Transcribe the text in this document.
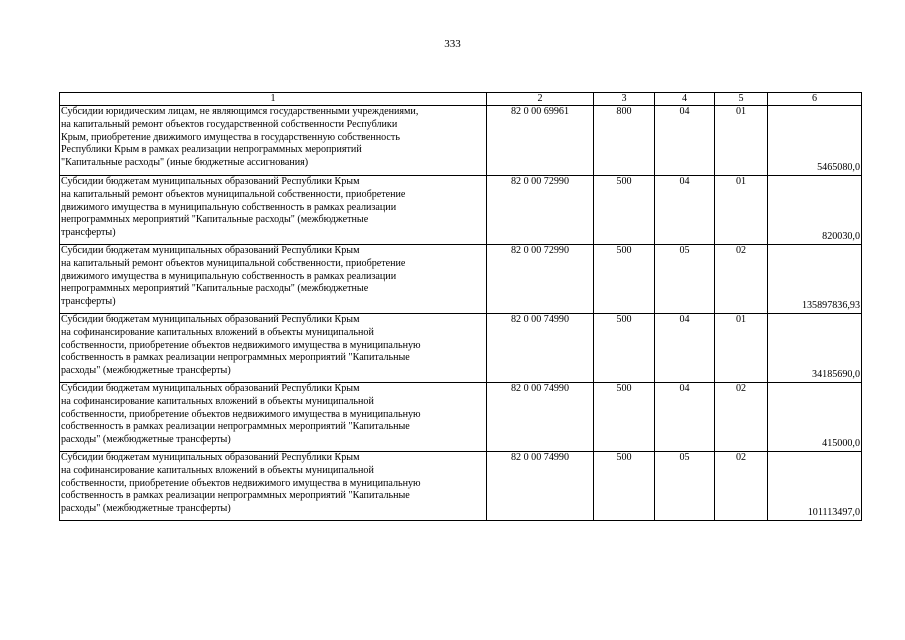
333
1	2	3	4	5	6

Субсидии юридическим лицам, не являющимся государственными учреждениями,
на капитальный ремонт объектов государственной собственности Республики
Крым, приобретение движимого имущества в государственную собственность
Республики Крым в рамках реализации непрограммных мероприятий
"Капитальные расходы" (иные бюджетные ассигнования)	82 0 00 69961	800	04	01	5465080,0

Субсидии бюджетам муниципальных образований Республики Крым
на капитальный ремонт объектов муниципальной собственности, приобретение
движимого имущества в муниципальную собственность в рамках реализации
непрограммных мероприятий "Капитальные расходы" (межбюджетные
трансферты)	82 0 00 72990	500	04	01	820030,0

Субсидии бюджетам муниципальных образований Республики Крым
на капитальный ремонт объектов муниципальной собственности, приобретение
движимого имущества в муниципальную собственность в рамках реализации
непрограммных мероприятий "Капитальные расходы" (межбюджетные
трансферты)	82 0 00 72990	500	05	02	135897836,93

Субсидии бюджетам муниципальных образований Республики Крым
на софинансирование капитальных вложений в объекты муниципальной
собственности, приобретение объектов недвижимого имущества в муниципальную
собственность в рамках реализации непрограммных мероприятий "Капитальные
расходы" (межбюджетные трансферты)	82 0 00 74990	500	04	01	34185690,0

Субсидии бюджетам муниципальных образований Республики Крым
на софинансирование капитальных вложений в объекты муниципальной
собственности, приобретение объектов недвижимого имущества в муниципальную
собственность в рамках реализации непрограммных мероприятий "Капитальные
расходы" (межбюджетные трансферты)	82 0 00 74990	500	04	02	415000,0

Субсидии бюджетам муниципальных образований Республики Крым
на софинансирование капитальных вложений в объекты муниципальной
собственности, приобретение объектов недвижимого имущества в муниципальную
собственность в рамках реализации непрограммных мероприятий "Капитальные
расходы" (межбюджетные трансферты)	82 0 00 74990	500	05	02	101113497,0
